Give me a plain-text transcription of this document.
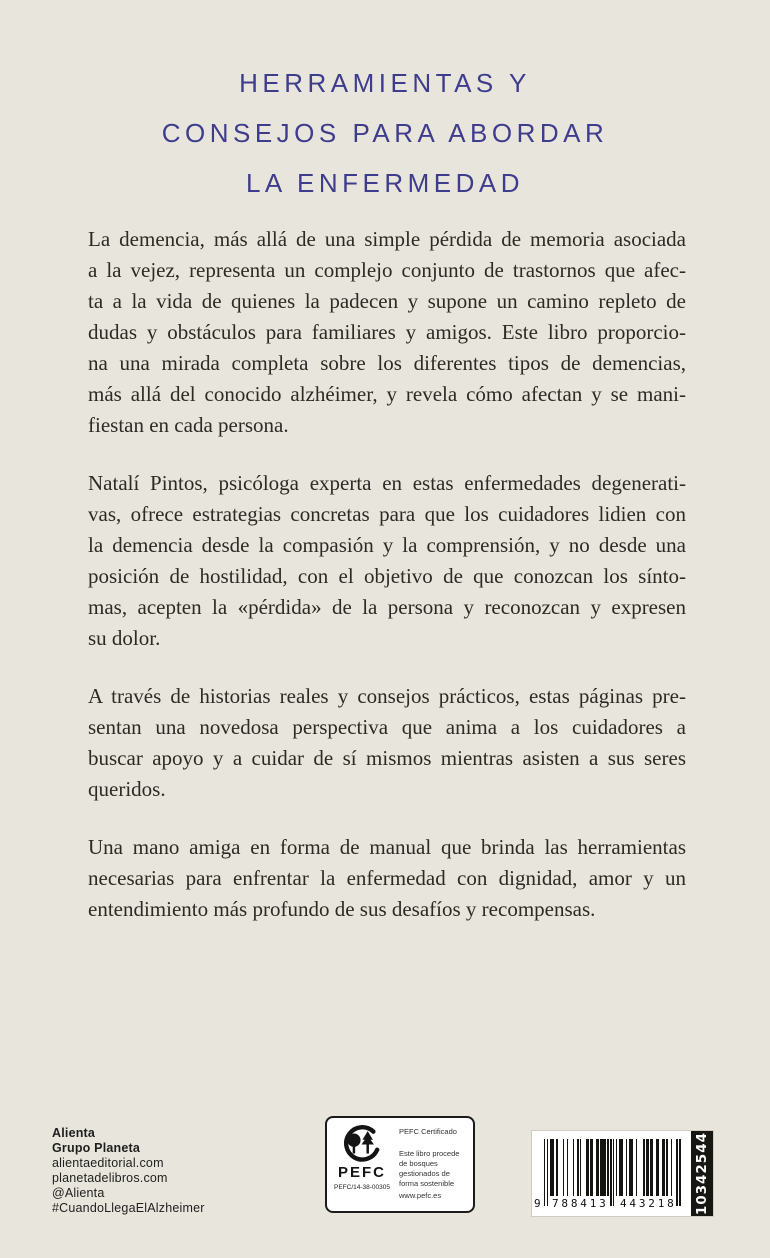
HERRAMIENTAS Y
CONSEJOS PARA ABORDAR
LA ENFERMEDAD
La demencia, más allá de una simple pérdida de memoria asociada
a la vejez, representa un complejo conjunto de trastornos que afec-
ta a la vida de quienes la padecen y supone un camino repleto de
dudas y obstáculos para familiares y amigos. Este libro proporcio-
na una mirada completa sobre los diferentes tipos de demencias,
más allá del conocido alzhéimer, y revela cómo afectan y se mani-
fiestan en cada persona.
Natalí Pintos, psicóloga experta en estas enfermedades degenerati-
vas, ofrece estrategias concretas para que los cuidadores lidien con
la demencia desde la compasión y la comprensión, y no desde una
posición de hostilidad, con el objetivo de que conozcan los sínto-
mas, acepten la «pérdida» de la persona y reconozcan y expresen
su dolor.
A través de historias reales y consejos prácticos, estas páginas pre-
sentan una novedosa perspectiva que anima a los cuidadores a
buscar apoyo y a cuidar de sí mismos mientras asisten a sus seres
queridos.
Una mano amiga en forma de manual que brinda las herramientas
necesarias para enfrentar la enfermedad con dignidad, amor y un
entendimiento más profundo de sus desafíos y recompensas.
Alienta
Grupo Planeta
alientaeditorial.com
planetadelibros.com
@Alienta
#CuandoLlegaElAlzheimer
PEFC
PEFC/14-38-00305
PEFC Certificado
Este libro procede de bosques gestionados de forma sostenible
www.pefc.es
9 788413 443218 10342544
